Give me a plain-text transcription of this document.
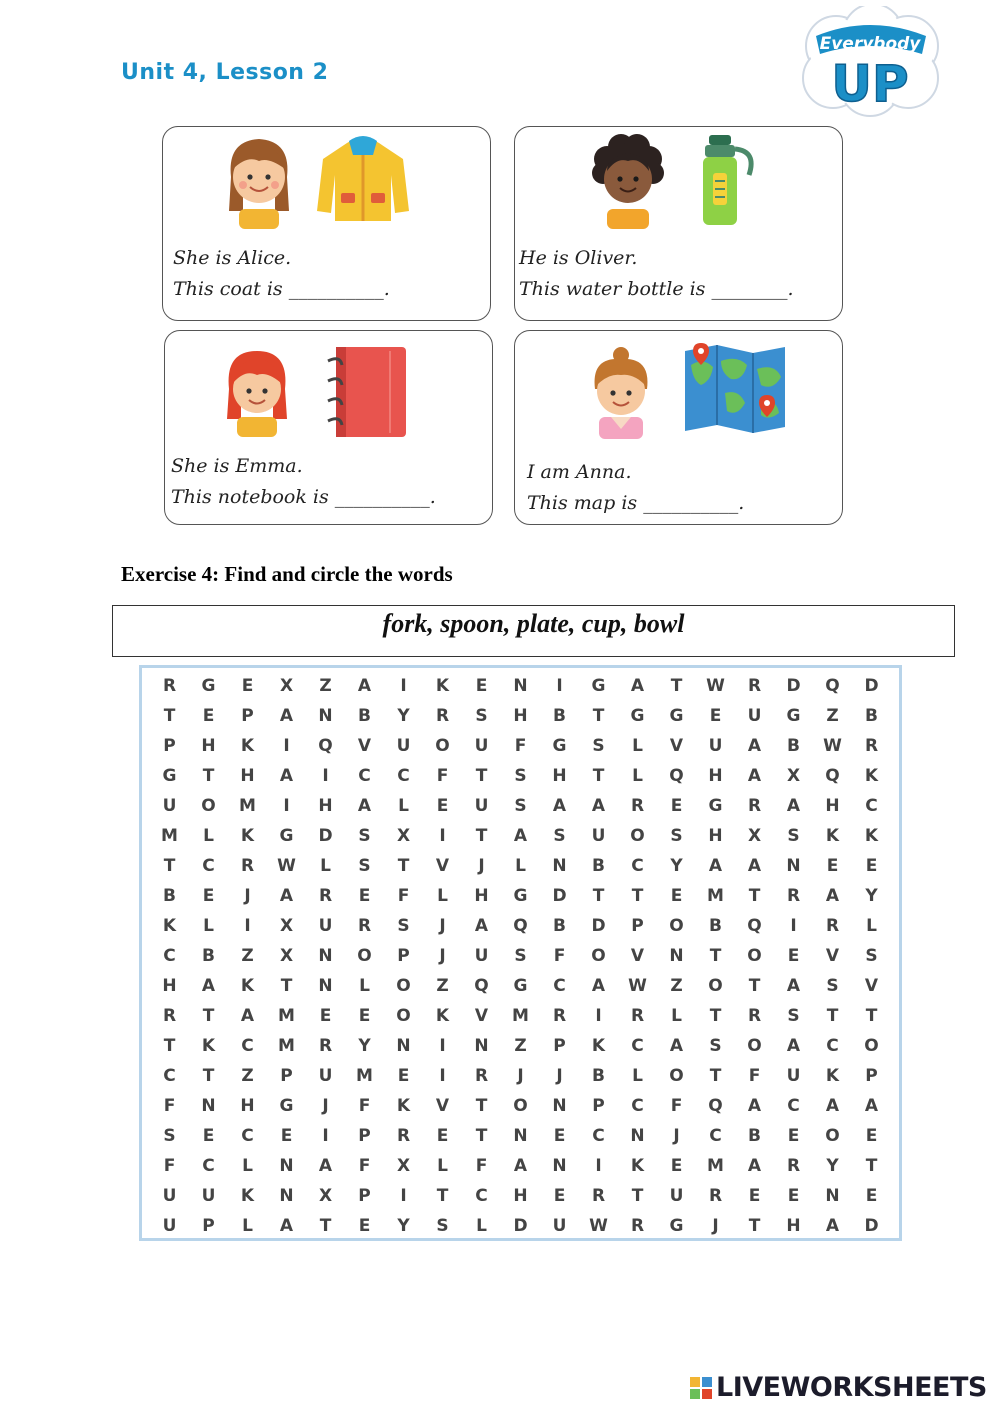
Unit 4, Lesson 2
Everybody
UP
She is Alice.
This coat is __________.
He is Oliver.
This water bottle is ________.
She is Emma.
This notebook is __________.
I am Anna.
This map is __________.
Exercise 4: Find and circle the words
fork, spoon, plate, cup, bowl
R	G	E	X	Z	A	I	K	E	N	I	G	A	T	W	R	D	Q	D
T	E	P	A	N	B	Y	R	S	H	B	T	G	G	E	U	G	Z	B
P	H	K	I	Q	V	U	O	U	F	G	S	L	V	U	A	B	W	R
G	T	H	A	I	C	C	F	T	S	H	T	L	Q	H	A	X	Q	K
U	O	M	I	H	A	L	E	U	S	A	A	R	E	G	R	A	H	C
M	L	K	G	D	S	X	I	T	A	S	U	O	S	H	X	S	K	K
T	C	R	W	L	S	T	V	J	L	N	B	C	Y	A	A	N	E	E
B	E	J	A	R	E	F	L	H	G	D	T	T	E	M	T	R	A	Y
K	L	I	X	U	R	S	J	A	Q	B	D	P	O	B	Q	I	R	L
C	B	Z	X	N	O	P	J	U	S	F	O	V	N	T	O	E	V	S
H	A	K	T	N	L	O	Z	Q	G	C	A	W	Z	O	T	A	S	V
R	T	A	M	E	E	O	K	V	M	R	I	R	L	T	R	S	T	T
T	K	C	M	R	Y	N	I	N	Z	P	K	C	A	S	O	A	C	O
C	T	Z	P	U	M	E	I	R	J	J	B	L	O	T	F	U	K	P
F	N	H	G	J	F	K	V	T	O	N	P	C	F	Q	A	C	A	A
S	E	C	E	I	P	R	E	T	N	E	C	N	J	C	B	E	O	E
F	C	L	N	A	F	X	L	F	A	N	I	K	E	M	A	R	Y	T
U	U	K	N	X	P	I	T	C	H	E	R	T	U	R	E	E	N	E
U	P	L	A	T	E	Y	S	L	D	U	W	R	G	J	T	H	A	D
LIVEWORKSHEETS
